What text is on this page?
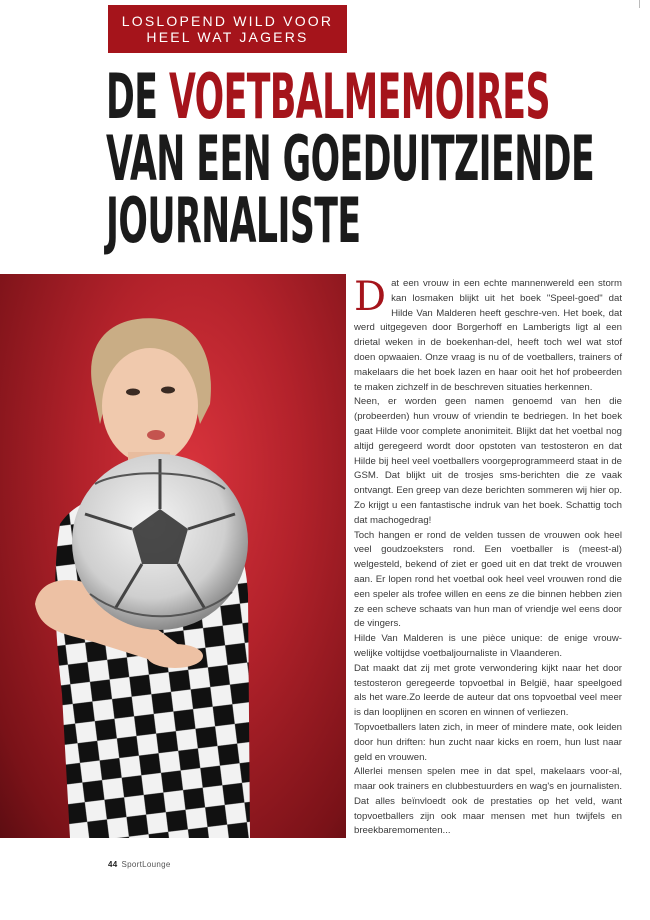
LOSLOPEND WILD VOOR
HEEL WAT JAGERS
DE VOETBALMEMOIRES
VAN EEN GOEDUITZIENDE
JOURNALISTE

Dat een vrouw in een echte mannenwereld een storm kan losmaken blijkt uit het boek "Speel-goed" dat Hilde Van Malderen heeft geschre-ven. Het boek, dat werd uitgegeven door Borgerhoff en Lamberigts ligt al een drietal weken in de boekenhan-del, heeft toch wel wat stof doen opwaaien. Onze vraag is nu of de voetballers, trainers of makelaars die het boek lazen en haar ooit het hof probeerden te maken zichzelf in de beschreven situaties herkennen.

Neen, er worden geen namen genoemd van hen die (probeerden) hun vrouw of vriendin te bedriegen. In het boek gaat Hilde voor complete anonimiteit. Blijkt dat het voetbal nog altijd geregeerd wordt door opstoten van testosteron en dat Hilde bij heel veel voetballers voorgeprogrammeerd staat in de GSM. Dat blijkt uit de trosjes sms-berichten die ze vaak ontvangt. Een greep van deze berichten sommeren wij hier op. Zo krijgt u een fantastische indruk van het boek. Schattig toch dat machogedrag!

Toch hangen er rond de velden tussen de vrouwen ook heel veel goudzoeksters rond. Een voetballer is (meest-al) welgesteld, bekend of ziet er goed uit en dat trekt de vrouwen aan. Er lopen rond het voetbal ook heel veel vrouwen rond die een speler als trofee willen en eens ze die binnen hebben zien ze een scheve schaats van hun man of vriendje wel eens door de vingers.

Hilde Van Malderen is une pièce unique: de enige vrouw-welijke voltijdse voetbaljournaliste in Vlaanderen.

Dat maakt dat zij met grote verwondering kijkt naar het door testosteron geregeerde topvoetbal in België, haar speelgoed als het ware.Zo leerde de auteur dat ons topvoetbal veel meer is dan looplijnen en scoren en winnen of verliezen.

Topvoetballers laten zich, in meer of mindere mate, ook leiden door hun driften: hun zucht naar kicks en roem, hun lust naar geld en vrouwen.

Allerlei mensen spelen mee in dat spel, makelaars voor-al, maar ook trainers en clubbestuurders en wag's en journalisten. Dat alles beïnvloedt ook de prestaties op het veld, want topvoetballers zijn ook maar mensen met hun twijfels en breekbaremomenten...

44 SportLounge
